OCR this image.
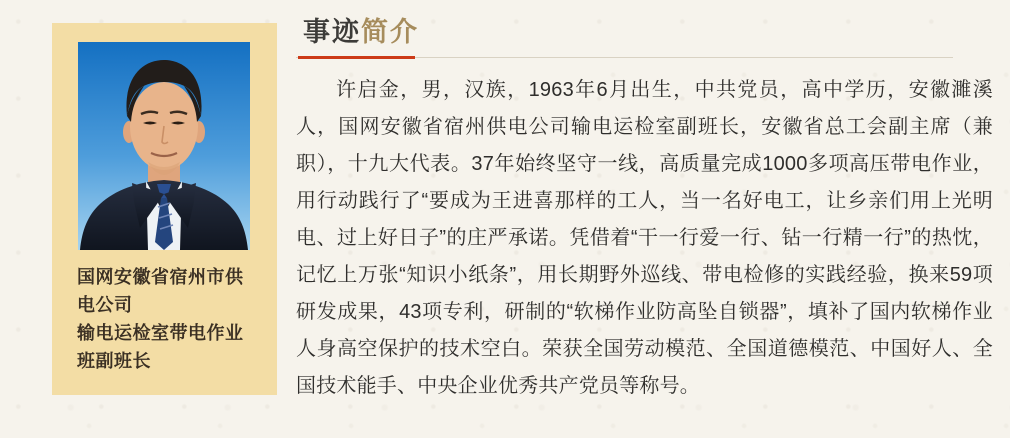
国网安徽省宿州市供电公司
输电运检室带电作业班副班长
事迹简介

许启金，男，汉族，1963年6月出生，中共党员，高中学历，安徽濉溪人，国网安徽省宿州供电公司输电运检室副班长，安徽省总工会副主席（兼职），十九大代表。37年始终坚守一线，高质量完成1000多项高压带电作业，用行动践行了“要成为王进喜那样的工人，当一名好电工，让乡亲们用上光明电、过上好日子”的庄严承诺。凭借着“干一行爱一行、钻一行精一行”的热忱，记忆上万张“知识小纸条”，用长期野外巡线、带电检修的实践经验，换来59项研发成果，43项专利，研制的“软梯作业防高坠自锁器”，填补了国内软梯作业人身高空保护的技术空白。荣获全国劳动模范、全国道德模范、中国好人、全国技术能手、中央企业优秀共产党员等称号。
